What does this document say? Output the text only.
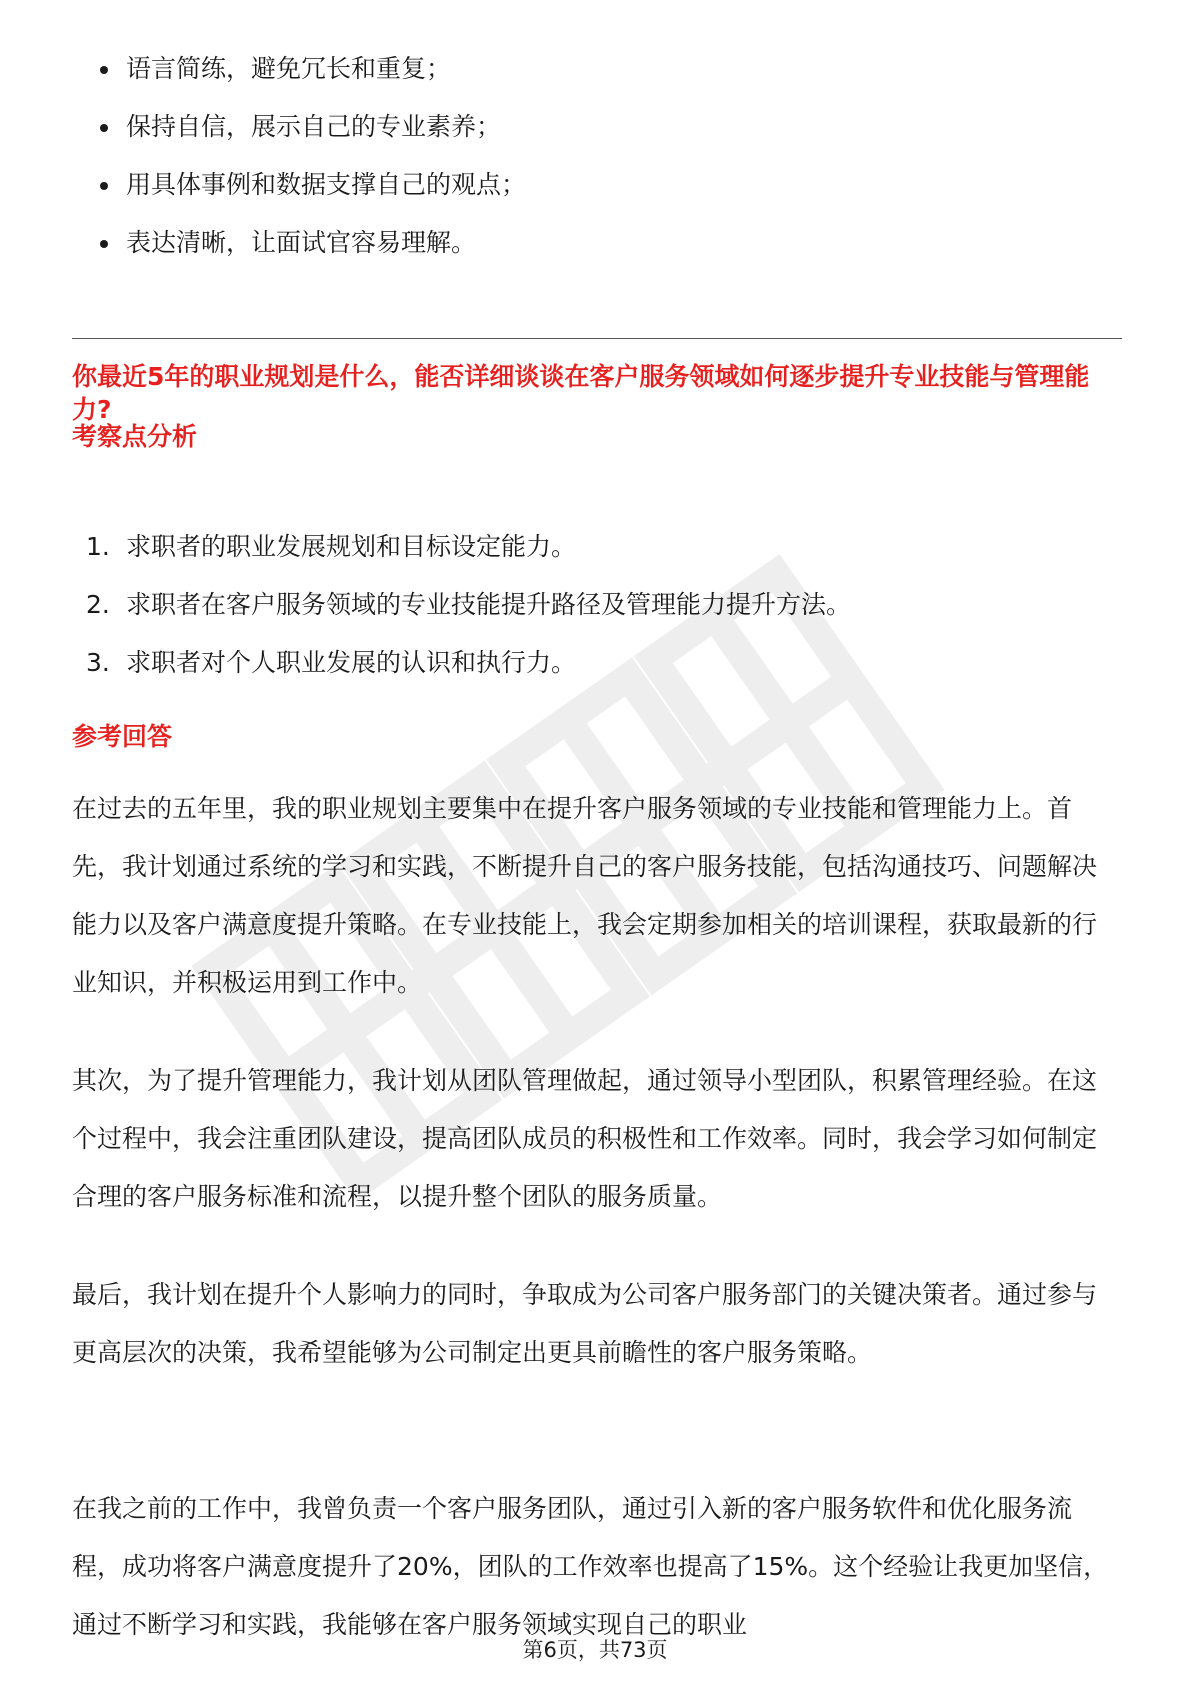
语言简练，避免冗长和重复；
保持自信，展示自己的专业素养；
用具体事例和数据支撑自己的观点；
表达清晰，让面试官容易理解。
你最近5年的职业规划是什么，能否详细谈谈在客户服务领域如何逐步提升专业技能与管理能力?
考察点分析
1. 求职者的职业发展规划和目标设定能力。
2. 求职者在客户服务领域的专业技能提升路径及管理能力提升方法。
3. 求职者对个人职业发展的认识和执行力。
参考回答

在过去的五年里，我的职业规划主要集中在提升客户服务领域的专业技能和管理能力上。首先，我计划通过系统的学习和实践，不断提升自己的客户服务技能，包括沟通技巧、问题解决能力以及客户满意度提升策略。在专业技能上，我会定期参加相关的培训课程，获取最新的行业知识，并积极运用到工作中。

其次，为了提升管理能力，我计划从团队管理做起，通过领导小型团队，积累管理经验。在这个过程中，我会注重团队建设，提高团队成员的积极性和工作效率。同时，我会学习如何制定合理的客户服务标准和流程，以提升整个团队的服务质量。

最后，我计划在提升个人影响力的同时，争取成为公司客户服务部门的关键决策者。通过参与更高层次的决策，我希望能够为公司制定出更具前瞻性的客户服务策略。

在我之前的工作中，我曾负责一个客户服务团队，通过引入新的客户服务软件和优化服务流程，成功将客户满意度提升了20%，团队的工作效率也提高了15%。这个经验让我更加坚信，通过不断学习和实践，我能够在客户服务领域实现自己的职业

第6页，共73页
